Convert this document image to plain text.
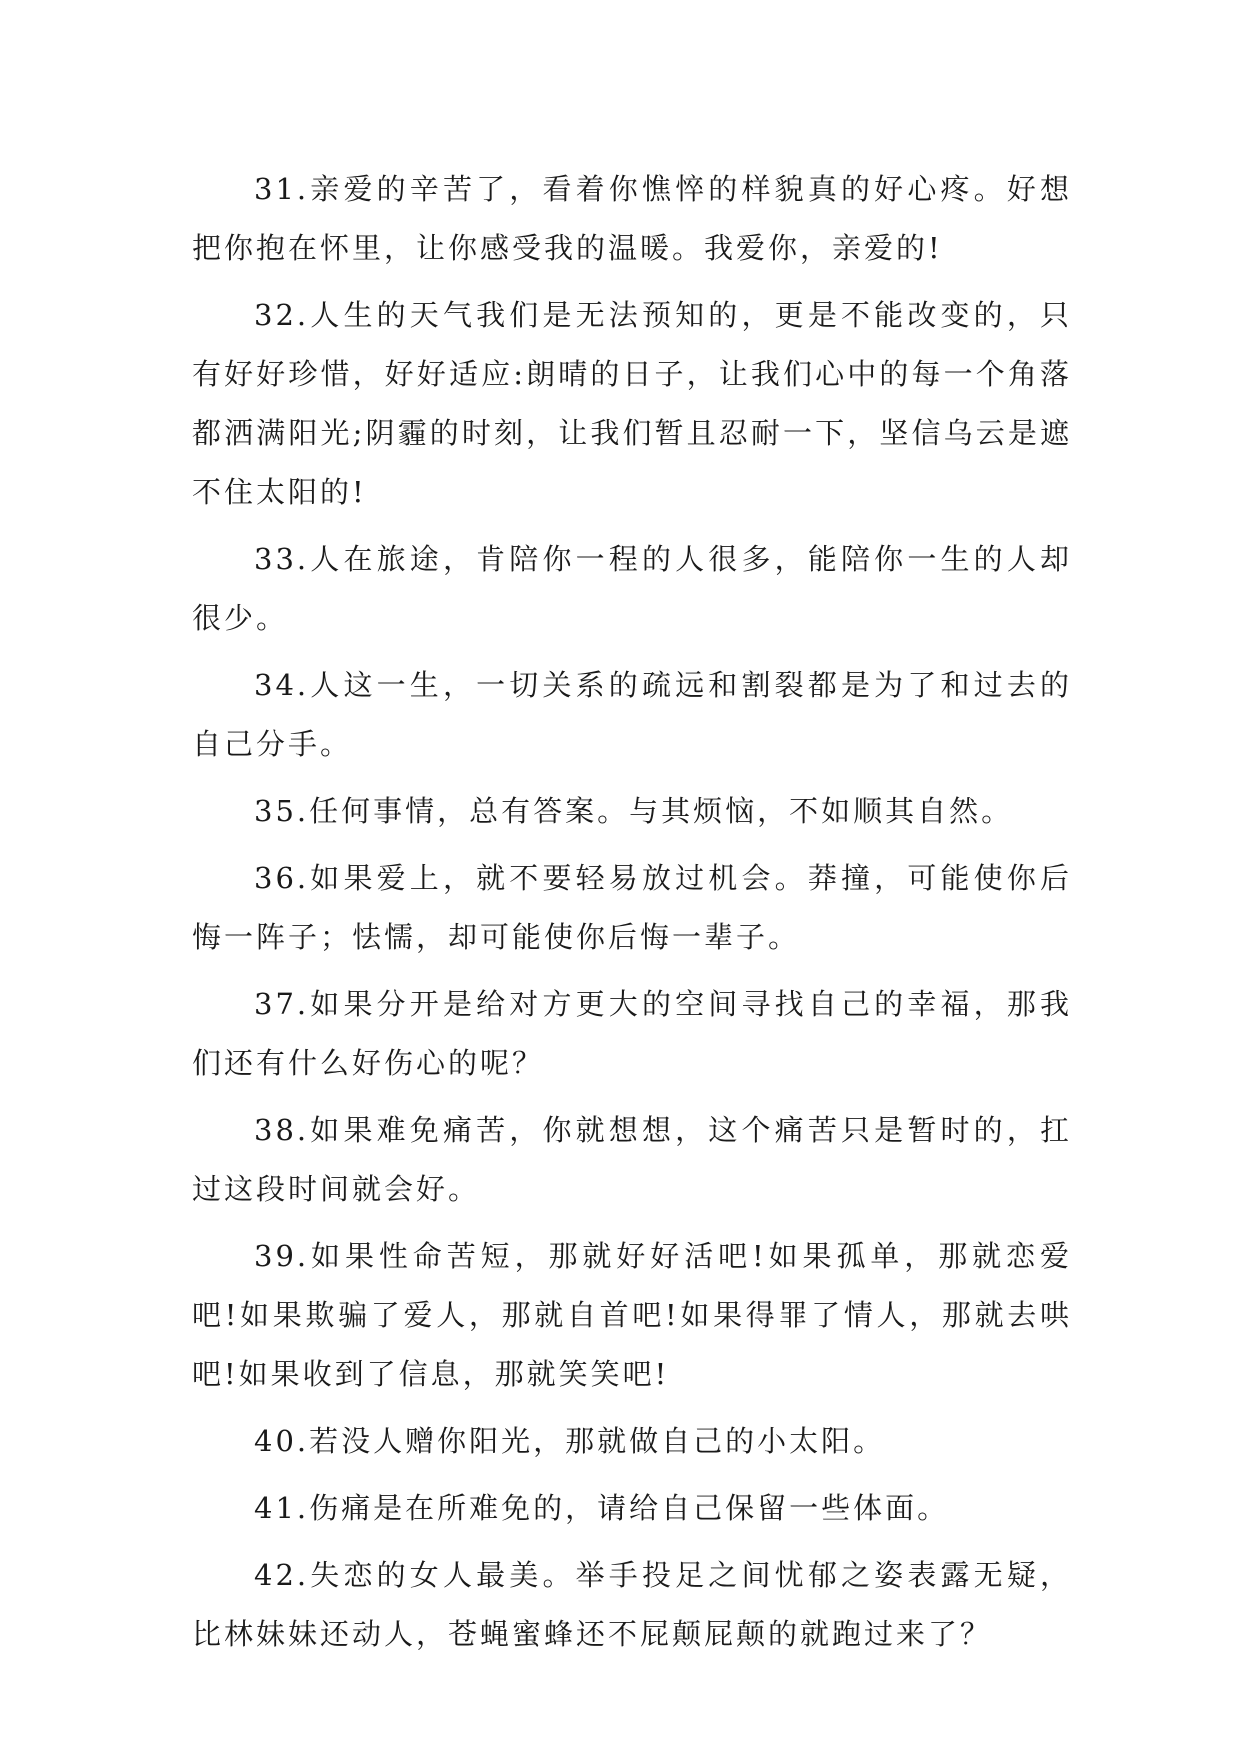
31.亲爱的辛苦了，看着你憔悴的样貌真的好心疼。好想把你抱在怀里，让你感受我的温暖。我爱你，亲爱的!

32.人生的天气我们是无法预知的，更是不能改变的，只有好好珍惜，好好适应:朗晴的日子，让我们心中的每一个角落都洒满阳光;阴霾的时刻，让我们暂且忍耐一下，坚信乌云是遮不住太阳的!

33.人在旅途，肯陪你一程的人很多，能陪你一生的人却很少。

34.人这一生，一切关系的疏远和割裂都是为了和过去的自己分手。

35.任何事情，总有答案。与其烦恼，不如顺其自然。

36.如果爱上，就不要轻易放过机会。莽撞，可能使你后悔一阵子；怯懦，却可能使你后悔一辈子。

37.如果分开是给对方更大的空间寻找自己的幸福，那我们还有什么好伤心的呢？

38.如果难免痛苦，你就想想，这个痛苦只是暂时的，扛过这段时间就会好。

39.如果性命苦短，那就好好活吧!如果孤单，那就恋爱吧!如果欺骗了爱人，那就自首吧!如果得罪了情人，那就去哄吧!如果收到了信息，那就笑笑吧!

40.若没人赠你阳光，那就做自己的小太阳。

41.伤痛是在所难免的，请给自己保留一些体面。

42.失恋的女人最美。举手投足之间忧郁之姿表露无疑，比林妹妹还动人，苍蝇蜜蜂还不屁颠屁颠的就跑过来了？
